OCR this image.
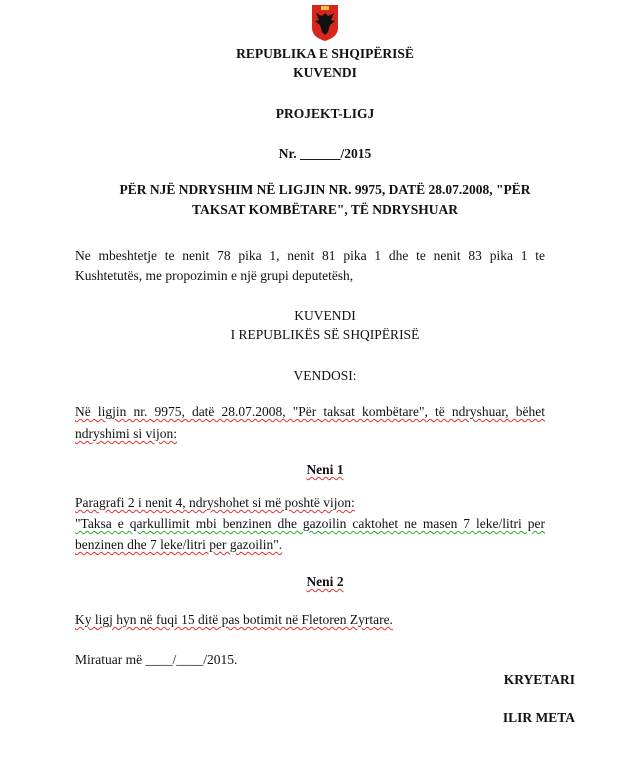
REPUBLIKA E SHQIPËRISË
KUVENDI
PROJEKT-LIGJ
Nr. ______/2015
PËR NJË NDRYSHIM NË LIGJIN NR. 9975, DATË 28.07.2008, "PËR
TAKSAT KOMBËTARE", TË NDRYSHUAR
Ne mbeshtetje te nenit 78 pika 1, nenit 81 pika 1 dhe te nenit 83 pika 1 te
Kushtetutës, me propozimin e një grupi deputetësh,
KUVENDI
I REPUBLIKËS SË SHQIPËRISË
VENDOSI:
Në ligjin nr. 9975, datë 28.07.2008, "Për taksat kombëtare", të ndryshuar, bëhet
ndryshimi si vijon:
Neni 1
Paragrafi 2 i nenit 4, ndryshohet si më poshtë vijon:
"Taksa e qarkullimit mbi benzinen dhe gazoilin caktohet ne masen 7 leke/litri per
benzinen dhe 7 leke/litri per gazoilin".
Neni 2
Ky ligj hyn në fuqi 15 ditë pas botimit në Fletoren Zyrtare.
Miratuar më ____/____/2015.
KRYETARI
ILIR META
